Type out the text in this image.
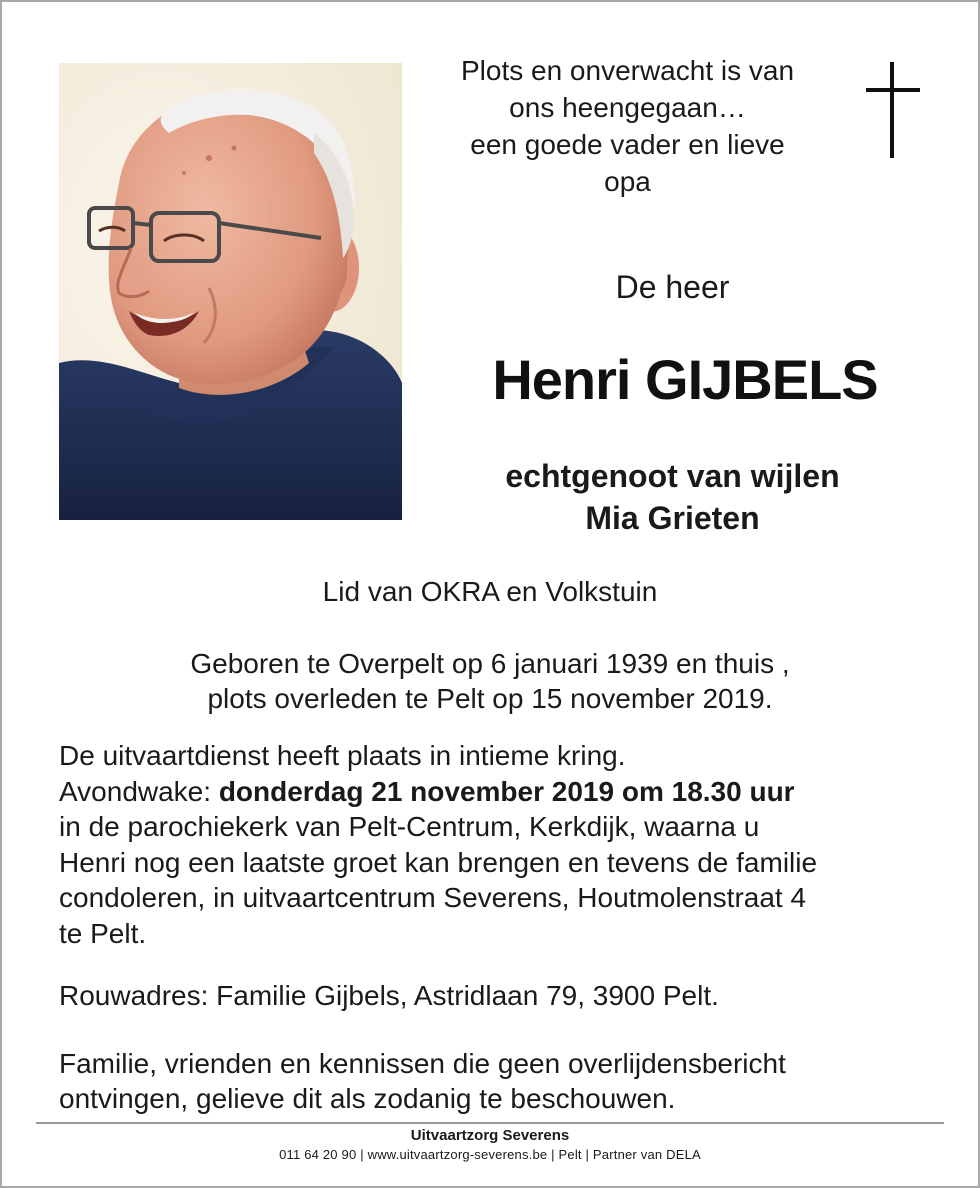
Plots en onverwacht is van
ons heengegaan…
een goede vader en lieve
opa
De heer
Henri GIJBELS
echtgenoot van wijlen
Mia Grieten
Lid van OKRA en Volkstuin
Geboren te Overpelt op 6 januari 1939 en thuis ,
plots overleden te Pelt op 15 november 2019.
De uitvaartdienst heeft plaats in intieme kring.
Avondwake: donderdag 21 november 2019 om 18.30 uur
in de parochiekerk van Pelt-Centrum, Kerkdijk, waarna u
Henri nog een laatste groet kan brengen en tevens de familie
condoleren, in uitvaartcentrum Severens, Houtmolenstraat 4
te Pelt.
Rouwadres: Familie Gijbels, Astridlaan 79, 3900 Pelt.
Familie, vrienden en kennissen die geen overlijdensbericht
ontvingen, gelieve dit als zodanig te beschouwen.
Uitvaartzorg Severens
011 64 20 90 | www.uitvaartzorg-severens.be | Pelt | Partner van DELA
